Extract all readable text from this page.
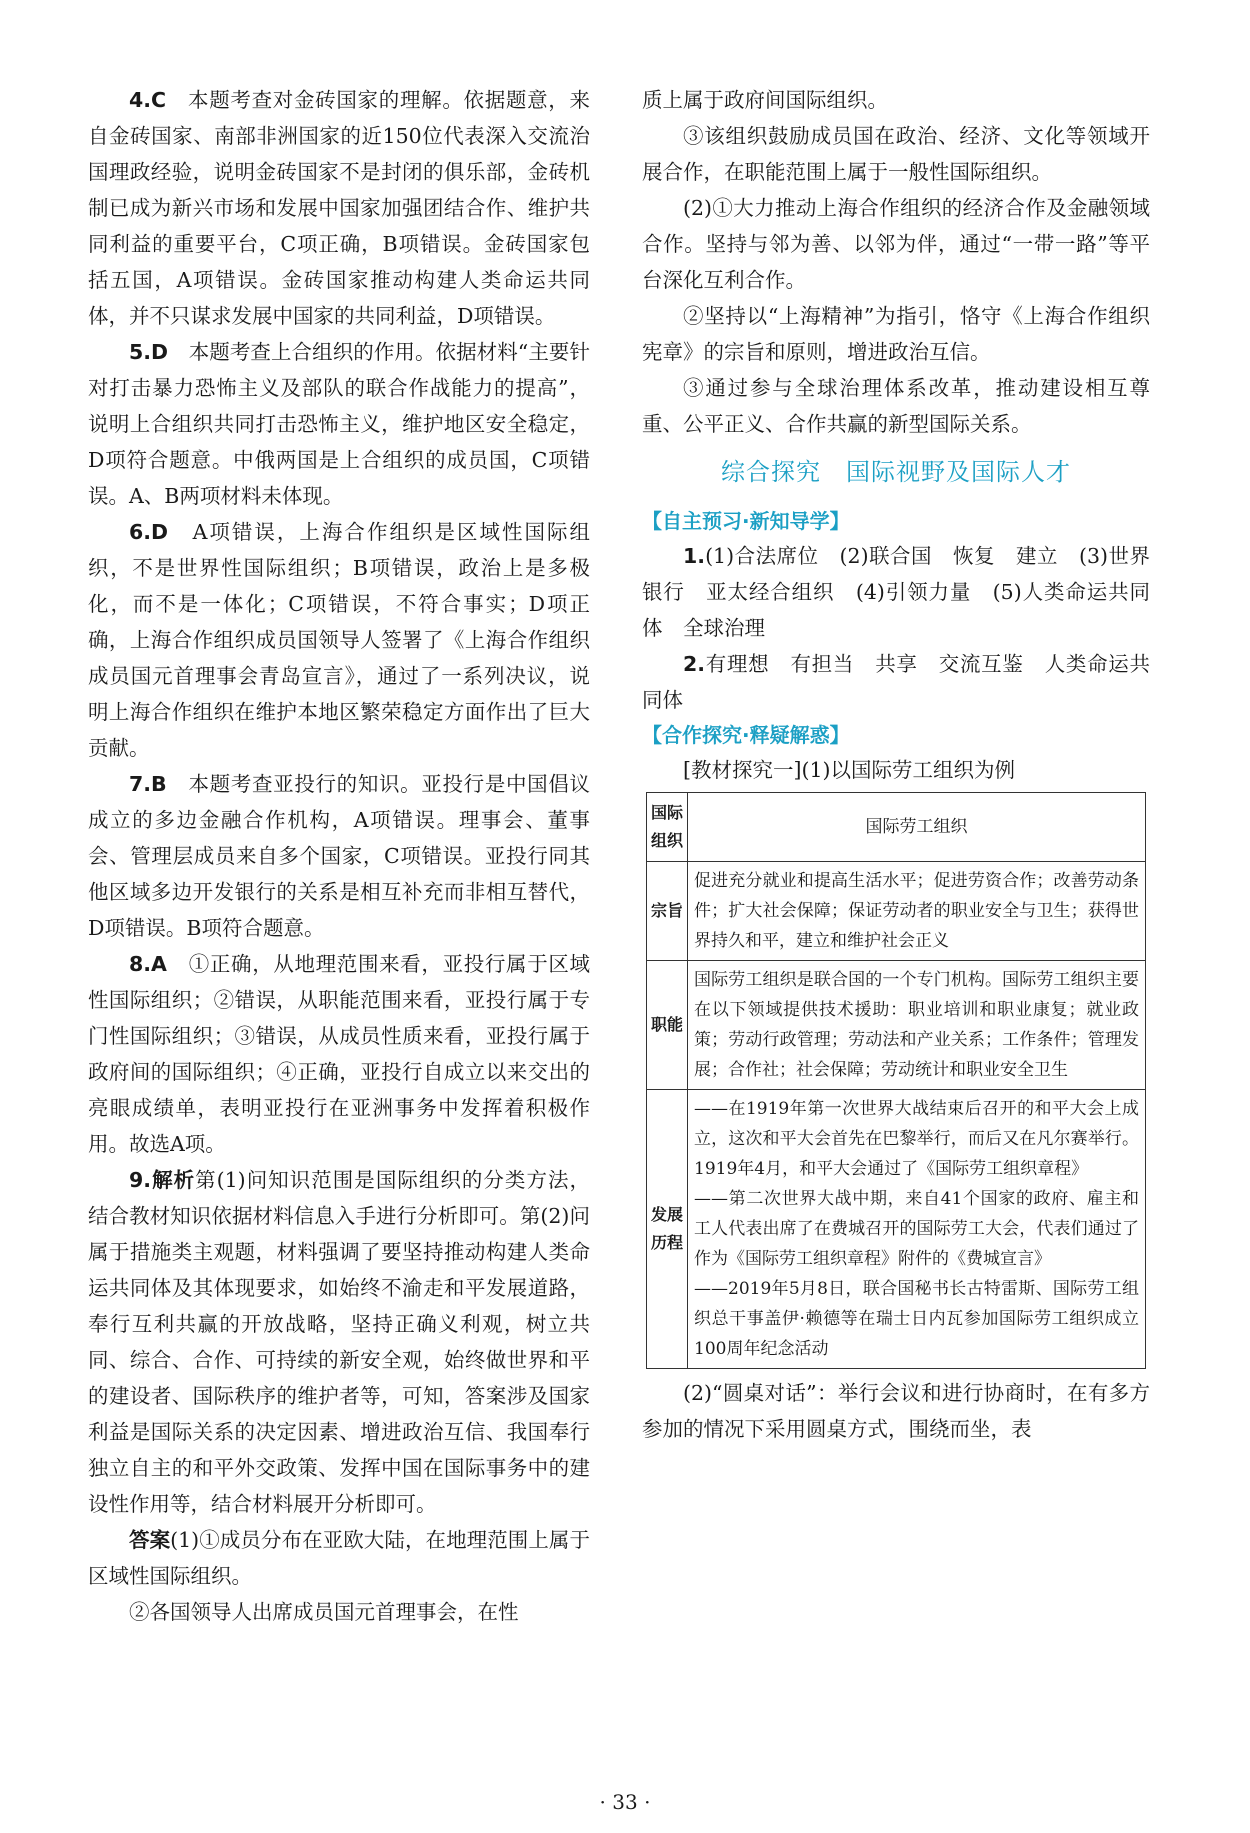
4.C　本题考查对金砖国家的理解。依据题意，来自金砖国家、南部非洲国家的近150位代表深入交流治国理政经验，说明金砖国家不是封闭的俱乐部，金砖机制已成为新兴市场和发展中国家加强团结合作、维护共同利益的重要平台，C项正确，B项错误。金砖国家包括五国，A项错误。金砖国家推动构建人类命运共同体，并不只谋求发展中国家的共同利益，D项错误。

5.D　本题考查上合组织的作用。依据材料“主要针对打击暴力恐怖主义及部队的联合作战能力的提高”，说明上合组织共同打击恐怖主义，维护地区安全稳定，D项符合题意。中俄两国是上合组织的成员国，C项错误。A、B两项材料未体现。

6.D　A项错误，上海合作组织是区域性国际组织，不是世界性国际组织；B项错误，政治上是多极化，而不是一体化；C项错误，不符合事实；D项正确，上海合作组织成员国领导人签署了《上海合作组织成员国元首理事会青岛宣言》，通过了一系列决议，说明上海合作组织在维护本地区繁荣稳定方面作出了巨大贡献。

7.B　本题考查亚投行的知识。亚投行是中国倡议成立的多边金融合作机构，A项错误。理事会、董事会、管理层成员来自多个国家，C项错误。亚投行同其他区域多边开发银行的关系是相互补充而非相互替代，D项错误。B项符合题意。

8.A　①正确，从地理范围来看，亚投行属于区域性国际组织；②错误，从职能范围来看，亚投行属于专门性国际组织；③错误，从成员性质来看，亚投行属于政府间的国际组织；④正确，亚投行自成立以来交出的亮眼成绩单，表明亚投行在亚洲事务中发挥着积极作用。故选A项。

9.解析第(1)问知识范围是国际组织的分类方法，结合教材知识依据材料信息入手进行分析即可。第(2)问属于措施类主观题，材料强调了要坚持推动构建人类命运共同体及其体现要求，如始终不渝走和平发展道路，奉行互利共赢的开放战略，坚持正确义利观，树立共同、综合、合作、可持续的新安全观，始终做世界和平的建设者、国际秩序的维护者等，可知，答案涉及国家利益是国际关系的决定因素、增进政治互信、我国奉行独立自主的和平外交政策、发挥中国在国际事务中的建设性作用等，结合材料展开分析即可。

答案(1)①成员分布在亚欧大陆，在地理范围上属于区域性国际组织。

②各国领导人出席成员国元首理事会，在性

质上属于政府间国际组织。

③该组织鼓励成员国在政治、经济、文化等领域开展合作，在职能范围上属于一般性国际组织。

(2)①大力推动上海合作组织的经济合作及金融领域合作。坚持与邻为善、以邻为伴，通过“一带一路”等平台深化互利合作。

②坚持以“上海精神”为指引，恪守《上海合作组织宪章》的宗旨和原则，增进政治互信。

③通过参与全球治理体系改革，推动建设相互尊重、公平正义、合作共赢的新型国际关系。

综合探究　国际视野及国际人才

【自主预习·新知导学】

1.(1)合法席位　(2)联合国　恢复　建立　(3)世界银行　亚太经合组织　(4)引领力量　(5)人类命运共同体　全球治理

2.有理想　有担当　共享　交流互鉴　人类命运共同体

【合作探究·释疑解惑】

[教材探究一](1)以国际劳工组织为例

国际组织	国际劳工组织
宗旨	促进充分就业和提高生活水平；促进劳资合作；改善劳动条件；扩大社会保障；保证劳动者的职业安全与卫生；获得世界持久和平，建立和维护社会正义
职能	国际劳工组织是联合国的一个专门机构。国际劳工组织主要在以下领域提供技术援助：职业培训和职业康复；就业政策；劳动行政管理；劳动法和产业关系；工作条件；管理发展；合作社；社会保障；劳动统计和职业安全卫生
发展历程	——在1919年第一次世界大战结束后召开的和平大会上成立，这次和平大会首先在巴黎举行，而后又在凡尔赛举行。1919年4月，和平大会通过了《国际劳工组织章程》
——第二次世界大战中期，来自41个国家的政府、雇主和工人代表出席了在费城召开的国际劳工大会，代表们通过了作为《国际劳工组织章程》附件的《费城宣言》
——2019年5月8日，联合国秘书长古特雷斯、国际劳工组织总干事盖伊·赖德等在瑞士日内瓦参加国际劳工组织成立100周年纪念活动

(2)“圆桌对话”：举行会议和进行协商时，在有多方参加的情况下采用圆桌方式，围绕而坐，表

· 33 ·
